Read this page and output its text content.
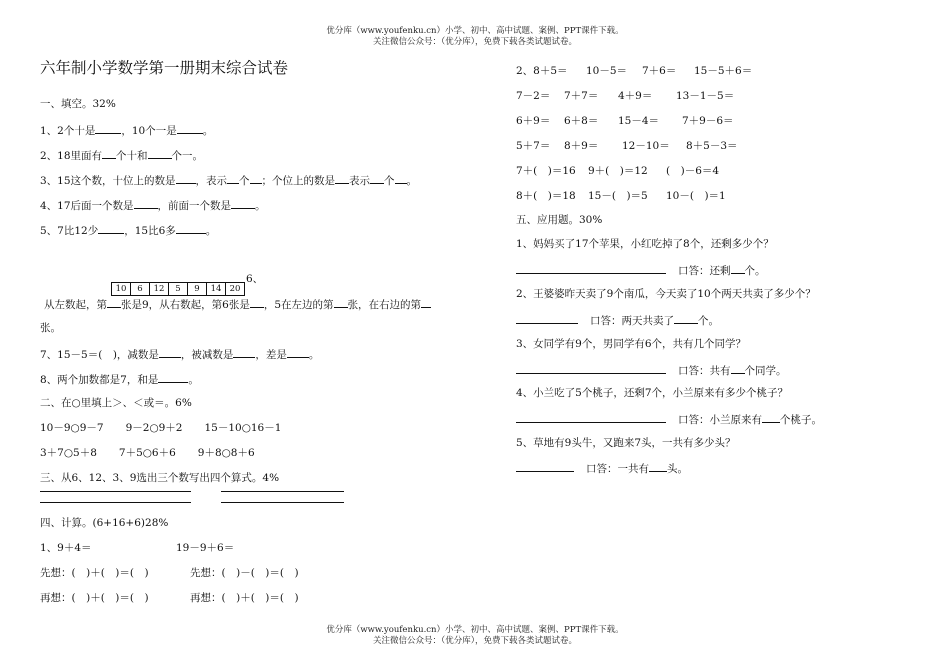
优分库（www.youfenku.cn）小学、初中、高中试题、案例、PPT课件下载。
关注微信公众号：（优分库），免费下载各类试题试卷。
六年制小学数学第一册期末综合试卷
一、填空。32%
1、2个十是 ，10个一是 。
2、18里面有 个十和 个一。
3、15这个数，十位上的数是 ，表示 个 ；个位上的数是 表示 个 。
4、17后面一个数是 ，前面一个数是 。
5、7比12少 ，15比6多	。
10	6	12	5	9	14 20
6、
从左数起，第 张是9，从右数起，第6张是 ，5在左边的第 张，在右边的第
张。
7、15－5＝(　)，减数是 ，被减数是 ，差是 。
8、两个加数都是7，和是	。
二、在○里填上＞、＜或＝。6%
10－9○9－7 9－2○9＋2 15－10○16－1
3＋7○5＋8 7＋5○6＋6 9＋8○8＋6
三、从6、12、3、9选出三个数写出四个算式。4%
四、计算。(6+16+6)28%
1、9＋4＝	19－9＋6＝
先想：(　)＋(　)＝(　)	先想：(　)－(　)＝(　)
再想：(　)＋(　)＝(　)	再想：(　)＋(　)＝(　)
2、8＋5＝ 10－5＝ 7＋6＝ 15－5＋6＝
7－2＝ 7＋7＝ 4＋9＝ 13－1－5＝
6＋9＝ 6＋8＝ 15－4＝ 7＋9－6＝
5＋7＝ 8＋9＝ 12－10＝ 8＋5－3＝
7＋(　)＝16 9＋(　)＝12 (　)－6＝4
8＋(　)＝18 15－(　)＝5 10－(　)＝1
五、应用题。30%
1、妈妈买了17个苹果，小红吃掉了8个，还剩多少个？
口答：还剩 个。
2、王婆婆昨天卖了9个南瓜，今天卖了10个两天共卖了多少个？
口答：两天共卖了 个。
3、女同学有9个，男同学有6个，共有几个同学？
口答：共有 个同学。
4、小兰吃了5个桃子，还剩7个，小兰原来有多少个桃子？
口答：小兰原来有 个桃子。
5、草地有9头牛，又跑来7头，一共有多少头？
口答：一共有 头。
优分库（www.youfenku.cn）小学、初中、高中试题、案例、PPT课件下载。
关注微信公众号：（优分库），免费下载各类试题试卷。
